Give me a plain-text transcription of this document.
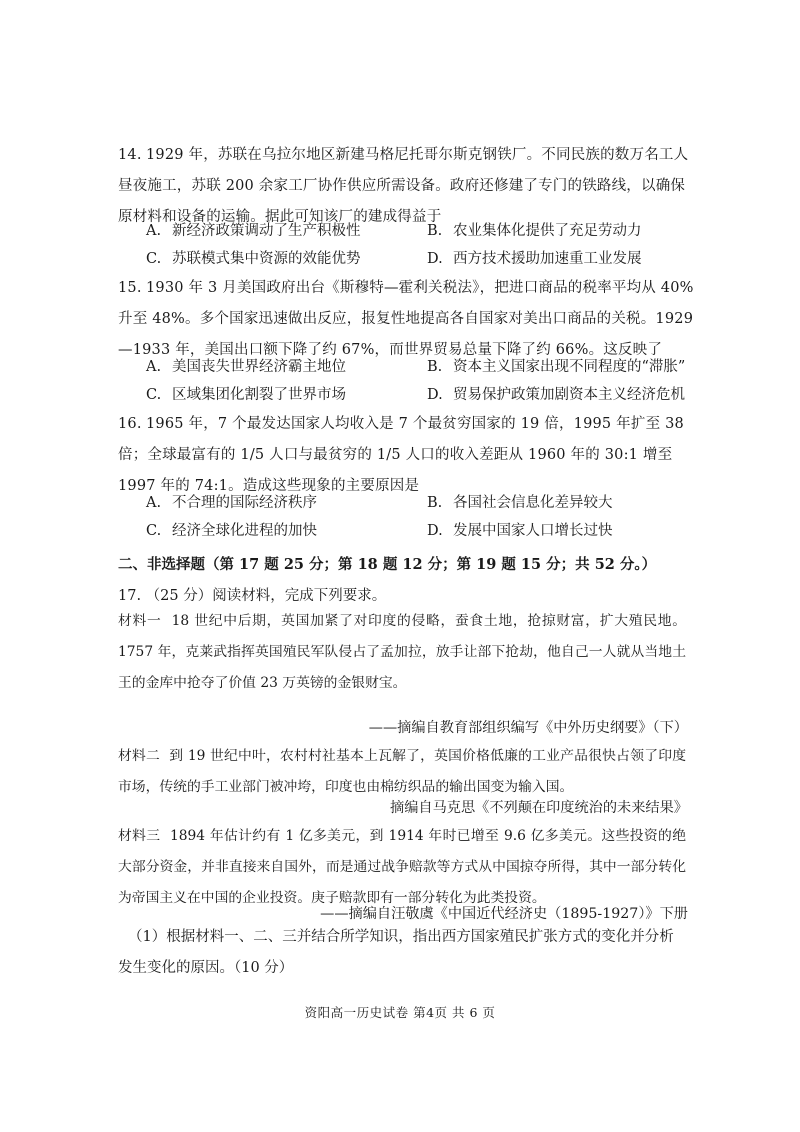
14. 1929 年，苏联在乌拉尔地区新建马格尼托哥尔斯克钢铁厂。不同民族的数万名工人昼夜施工，苏联 200 余家工厂协作供应所需设备。政府还修建了专门的铁路线，以确保原材料和设备的运输。据此可知该厂的建成得益于
A. 新经济政策调动了生产积极性	B. 农业集体化提供了充足劳动力
C. 苏联模式集中资源的效能优势	D. 西方技术援助加速重工业发展
15. 1930 年 3 月美国政府出台《斯穆特—霍利关税法》，把进口商品的税率平均从 40%升至 48%。多个国家迅速做出反应，报复性地提高各自国家对美出口商品的关税。1929—1933 年，美国出口额下降了约 67%，而世界贸易总量下降了约 66%。这反映了
A. 美国丧失世界经济霸主地位	B. 资本主义国家出现不同程度的“滞胀”
C. 区域集团化割裂了世界市场	D. 贸易保护政策加剧资本主义经济危机
16. 1965 年，7 个最发达国家人均收入是 7 个最贫穷国家的 19 倍，1995 年扩至 38 倍；全球最富有的 1/5 人口与最贫穷的 1/5 人口的收入差距从 1960 年的 30:1 增至 1997 年的 74:1。造成这些现象的主要原因是
A. 不合理的国际经济秩序	B. 各国社会信息化差异较大
C. 经济全球化进程的加快	D. 发展中国家人口增长过快
二、非选择题（第 17 题 25 分；第 18 题 12 分；第 19 题 15 分；共 52 分。）
17. （25 分）阅读材料，完成下列要求。
材料一 18 世纪中后期，英国加紧了对印度的侵略，蚕食土地，抢掠财富，扩大殖民地。1757 年，克莱武指挥英国殖民军队侵占了孟加拉，放手让部下抢劫，他自己一人就从当地土王的金库中抢夺了价值 23 万英镑的金银财宝。
——摘编自教育部组织编写《中外历史纲要》（下）
材料二 到 19 世纪中叶，农村村社基本上瓦解了，英国价格低廉的工业产品很快占领了印度市场，传统的手工业部门被冲垮，印度也由棉纺织品的输出国变为输入国。
摘编自马克思《不列颠在印度统治的未来结果》
材料三 1894 年估计约有 1 亿多美元，到 1914 年时已增至 9.6 亿多美元。这些投资的绝大部分资金，并非直接来自国外，而是通过战争赔款等方式从中国掠夺所得，其中一部分转化为帝国主义在中国的企业投资。庚子赔款即有一部分转化为此类投资。
——摘编自汪敬虞《中国近代经济史（1895-1927）》下册
（1）根据材料一、二、三并结合所学知识，指出西方国家殖民扩张方式的变化并分析发生变化的原因。（10 分）
资阳高一历史试卷 第4页 共 6 页
